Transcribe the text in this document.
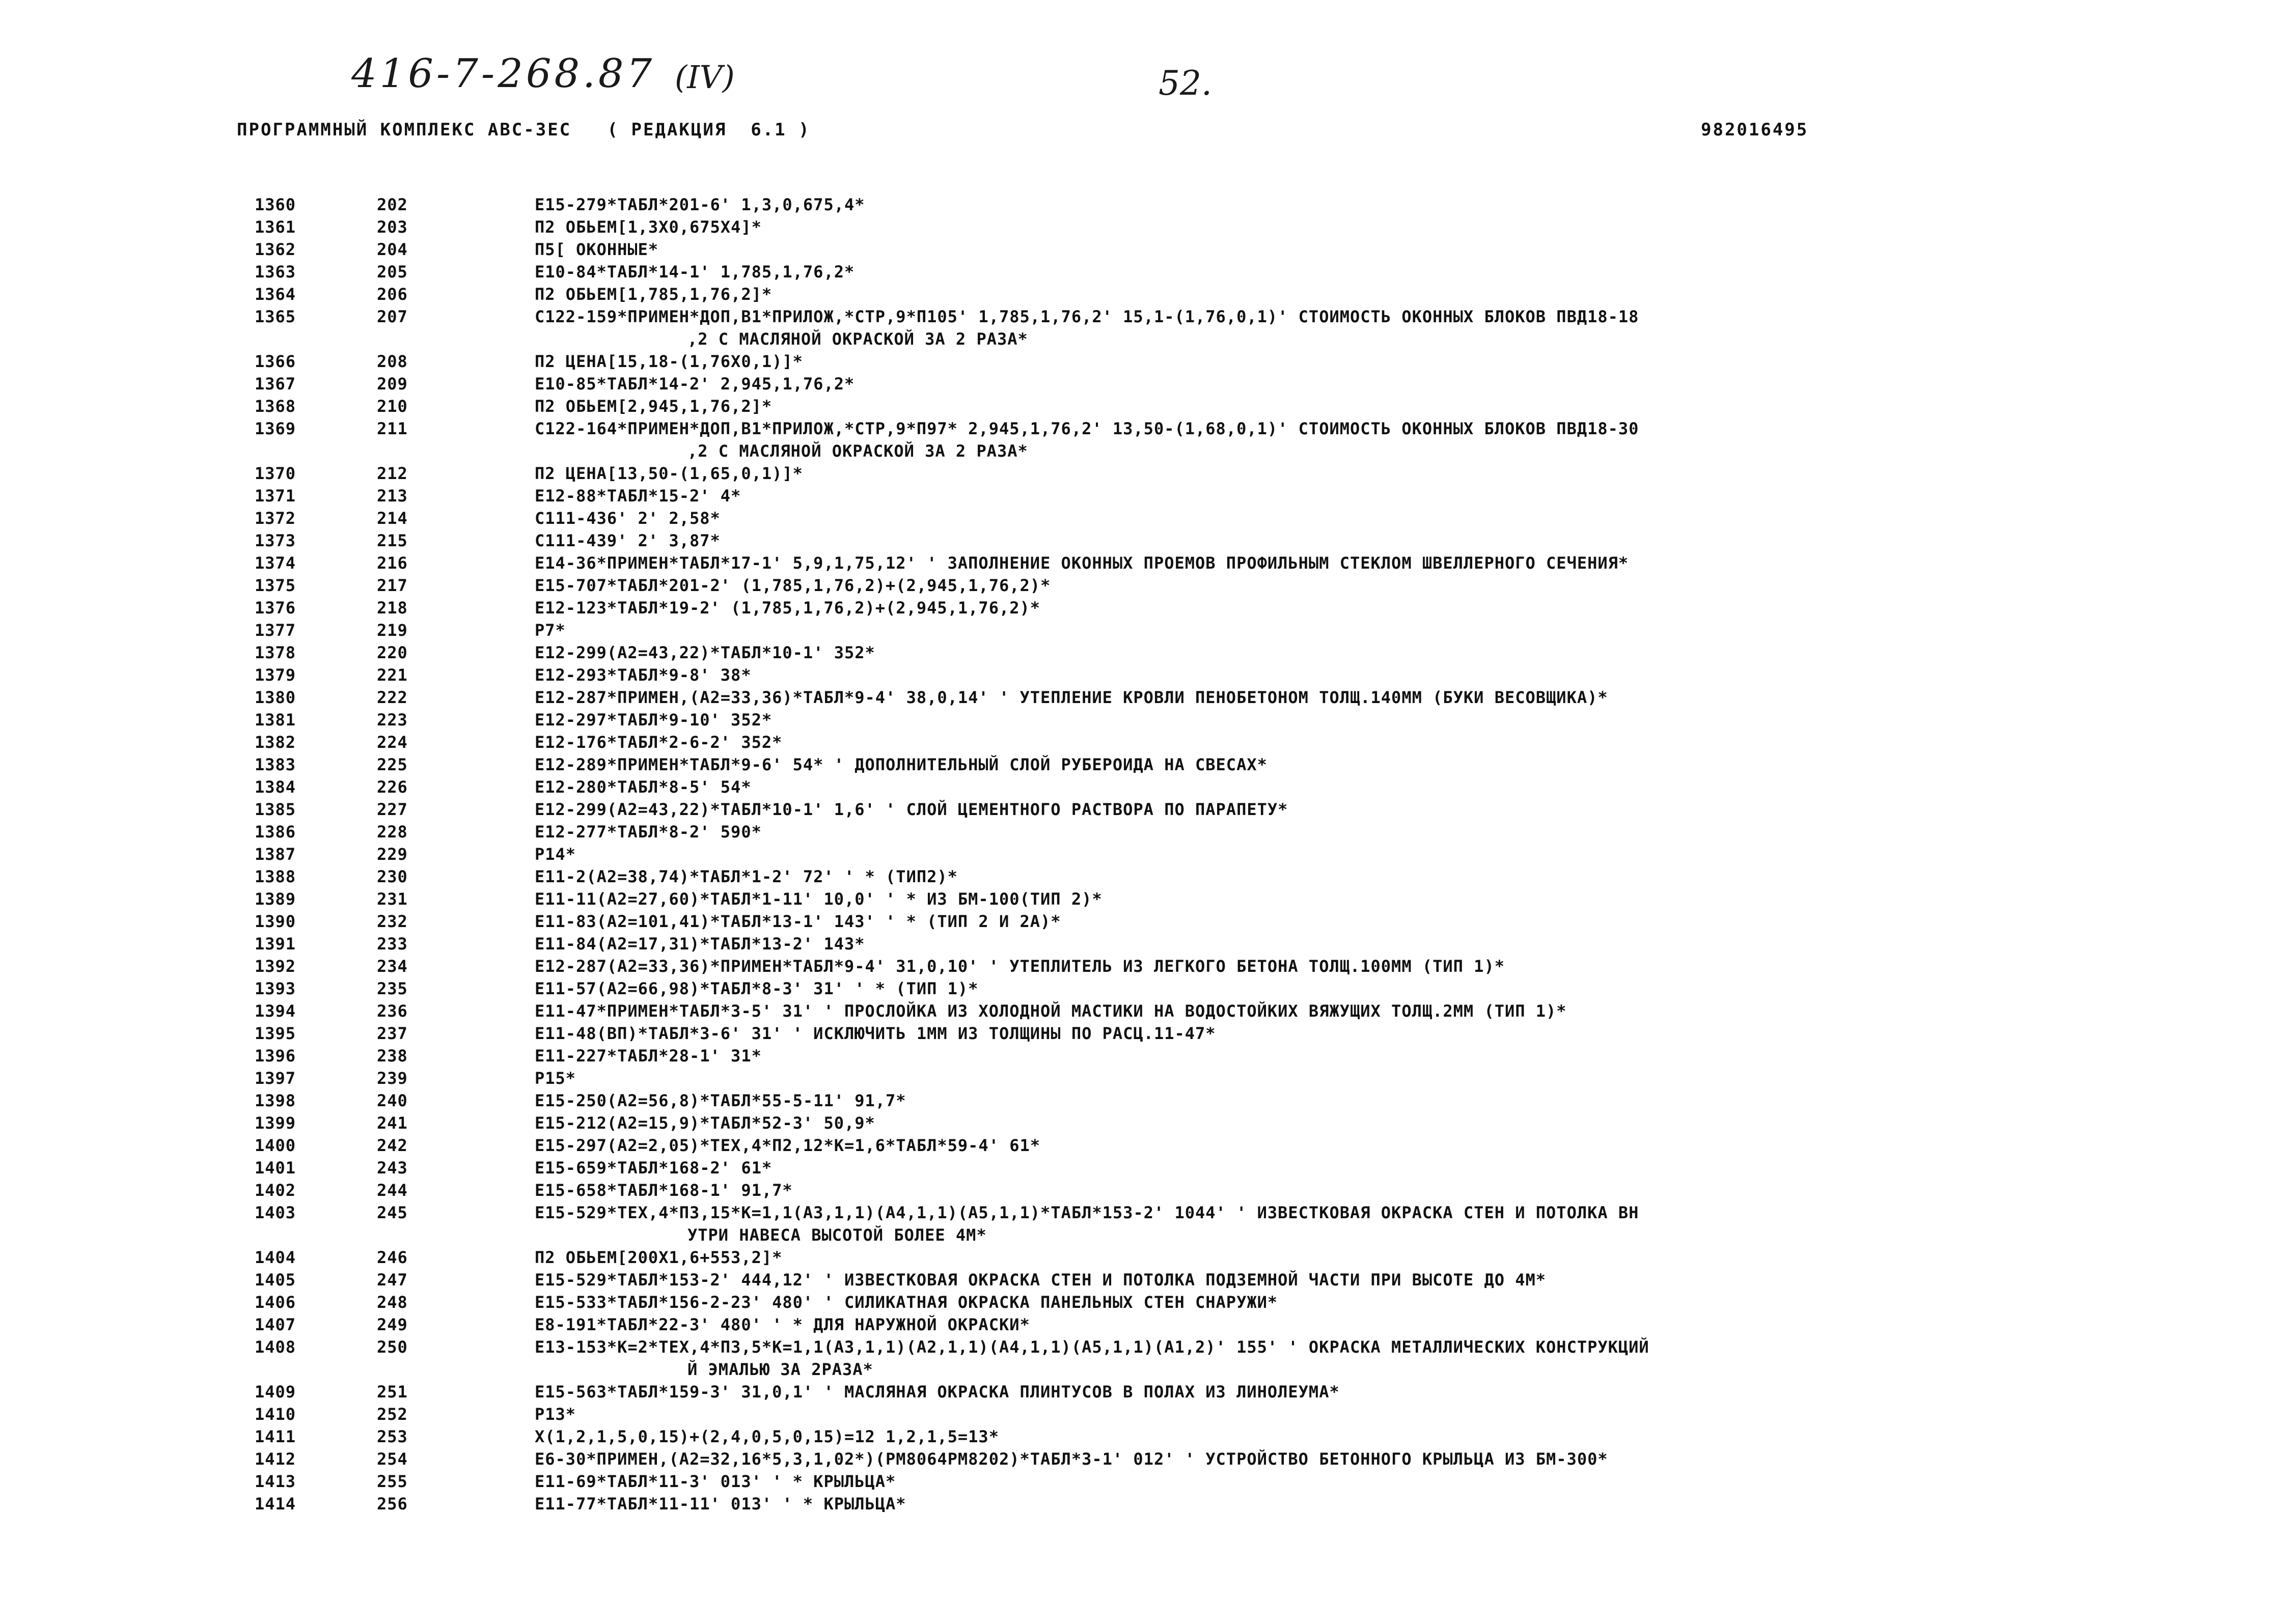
416-7-268.87 (IV)	52.
ПРОГРАММНЫЙ КОМПЛЕКС АВС-3ЕС   ( РЕДАКЦИЯ  6.1 )	982016495
1360	202	Е15-279*ТАБЛ*201-6' 1,3,0,675,4*
1361	203	П2 ОБЬЕМ[1,3Х0,675Х4]*
1362	204	П5[ ОКОННЫЕ*
1363	205	Е10-84*ТАБЛ*14-1' 1,785,1,76,2*
1364	206	П2 ОБЬЕМ[1,785,1,76,2]*
1365	207	С122-159*ПРИМЕН*ДОП,В1*ПРИЛОЖ,*СТР,9*П105' 1,785,1,76,2' 15,1-(1,76,0,1)' СТОИМОСТЬ ОКОННЫХ БЛОКОВ ПВД18-18
,2 С МАСЛЯНОЙ ОКРАСКОЙ ЗА 2 РАЗА*
1366	208	П2 ЦЕНА[15,18-(1,76Х0,1)]*
1367	209	Е10-85*ТАБЛ*14-2' 2,945,1,76,2*
1368	210	П2 ОБЬЕМ[2,945,1,76,2]*
1369	211	С122-164*ПРИМЕН*ДОП,В1*ПРИЛОЖ,*СТР,9*П97* 2,945,1,76,2' 13,50-(1,68,0,1)' СТОИМОСТЬ ОКОННЫХ БЛОКОВ ПВД18-30
,2 С МАСЛЯНОЙ ОКРАСКОЙ ЗА 2 РАЗА*
1370	212	П2 ЦЕНА[13,50-(1,65,0,1)]*
1371	213	Е12-88*ТАБЛ*15-2' 4*
1372	214	С111-436' 2' 2,58*
1373	215	С111-439' 2' 3,87*
1374	216	Е14-36*ПРИМЕН*ТАБЛ*17-1' 5,9,1,75,12' ' ЗАПОЛНЕНИЕ ОКОННЫХ ПРОЕМОВ ПРОФИЛЬНЫМ СТЕКЛОМ ШВЕЛЛЕРНОГО СЕЧЕНИЯ*
1375	217	Е15-707*ТАБЛ*201-2' (1,785,1,76,2)+(2,945,1,76,2)*
1376	218	Е12-123*ТАБЛ*19-2' (1,785,1,76,2)+(2,945,1,76,2)*
1377	219	Р7*
1378	220	Е12-299(А2=43,22)*ТАБЛ*10-1' 352*
1379	221	Е12-293*ТАБЛ*9-8' 38*
1380	222	Е12-287*ПРИМЕН,(А2=33,36)*ТАБЛ*9-4' 38,0,14' ' УТЕПЛЕНИЕ КРОВЛИ ПЕНОБЕТОНОМ ТОЛЩ.140ММ (БУКИ ВЕСОВЩИКА)*
1381	223	Е12-297*ТАБЛ*9-10' 352*
1382	224	Е12-176*ТАБЛ*2-6-2' 352*
1383	225	Е12-289*ПРИМЕН*ТАБЛ*9-6' 54* ' ДОПОЛНИТЕЛЬНЫЙ СЛОЙ РУБЕРОИДА НА СВЕСАХ*
1384	226	Е12-280*ТАБЛ*8-5' 54*
1385	227	Е12-299(А2=43,22)*ТАБЛ*10-1' 1,6' ' СЛОЙ ЦЕМЕНТНОГО РАСТВОРА ПО ПАРАПЕТУ*
1386	228	Е12-277*ТАБЛ*8-2' 590*
1387	229	Р14*
1388	230	Е11-2(А2=38,74)*ТАБЛ*1-2' 72' ' * (ТИП2)*
1389	231	Е11-11(А2=27,60)*ТАБЛ*1-11' 10,0' ' * ИЗ БМ-100(ТИП 2)*
1390	232	Е11-83(А2=101,41)*ТАБЛ*13-1' 143' ' * (ТИП 2 И 2А)*
1391	233	Е11-84(А2=17,31)*ТАБЛ*13-2' 143*
1392	234	Е12-287(А2=33,36)*ПРИМЕН*ТАБЛ*9-4' 31,0,10' ' УТЕПЛИТЕЛЬ ИЗ ЛЕГКОГО БЕТОНА ТОЛЩ.100ММ (ТИП 1)*
1393	235	Е11-57(А2=66,98)*ТАБЛ*8-3' 31' ' * (ТИП 1)*
1394	236	Е11-47*ПРИМЕН*ТАБЛ*3-5' 31' ' ПРОСЛОЙКА ИЗ ХОЛОДНОЙ МАСТИКИ НА ВОДОСТОЙКИХ ВЯЖУЩИХ ТОЛЩ.2ММ (ТИП 1)*
1395	237	Е11-48(ВП)*ТАБЛ*3-6' 31' ' ИСКЛЮЧИТЬ 1ММ ИЗ ТОЛЩИНЫ ПО РАСЦ.11-47*
1396	238	Е11-227*ТАБЛ*28-1' 31*
1397	239	Р15*
1398	240	Е15-250(А2=56,8)*ТАБЛ*55-5-11' 91,7*
1399	241	Е15-212(А2=15,9)*ТАБЛ*52-3' 50,9*
1400	242	Е15-297(А2=2,05)*ТЕХ,4*П2,12*К=1,6*ТАБЛ*59-4' 61*
1401	243	Е15-659*ТАБЛ*168-2' 61*
1402	244	Е15-658*ТАБЛ*168-1' 91,7*
1403	245	Е15-529*ТЕХ,4*П3,15*К=1,1(А3,1,1)(А4,1,1)(А5,1,1)*ТАБЛ*153-2' 1044' ' ИЗВЕСТКОВАЯ ОКРАСКА СТЕН И ПОТОЛКА ВН
УТРИ НАВЕСА ВЫСОТОЙ БОЛЕЕ 4М*
1404	246	П2 ОБЬЕМ[200Х1,6+553,2]*
1405	247	Е15-529*ТАБЛ*153-2' 444,12' ' ИЗВЕСТКОВАЯ ОКРАСКА СТЕН И ПОТОЛКА ПОДЗЕМНОЙ ЧАСТИ ПРИ ВЫСОТЕ ДО 4М*
1406	248	Е15-533*ТАБЛ*156-2-23' 480' ' СИЛИКАТНАЯ ОКРАСКА ПАНЕЛЬНЫХ СТЕН СНАРУЖИ*
1407	249	Е8-191*ТАБЛ*22-3' 480' ' * ДЛЯ НАРУЖНОЙ ОКРАСКИ*
1408	250	Е13-153*К=2*ТЕХ,4*П3,5*К=1,1(А3,1,1)(А2,1,1)(А4,1,1)(А5,1,1)(А1,2)' 155' ' ОКРАСКА МЕТАЛЛИЧЕСКИХ КОНСТРУКЦИЙ
Й ЭМАЛЬЮ ЗА 2РАЗА*
1409	251	Е15-563*ТАБЛ*159-3' 31,0,1' ' МАСЛЯНАЯ ОКРАСКА ПЛИНТУСОВ В ПОЛАХ ИЗ ЛИНОЛЕУМА*
1410	252	Р13*
1411	253	Х(1,2,1,5,0,15)+(2,4,0,5,0,15)=12 1,2,1,5=13*
1412	254	Е6-30*ПРИМЕН,(А2=32,16*5,3,1,02*)(РМ8064РМ8202)*ТАБЛ*3-1' 012' ' УСТРОЙСТВО БЕТОННОГО КРЫЛЬЦА ИЗ БМ-300*
1413	255	Е11-69*ТАБЛ*11-3' 013' ' * КРЫЛЬЦА*
1414	256	Е11-77*ТАБЛ*11-11' 013' ' * КРЫЛЬЦА*
